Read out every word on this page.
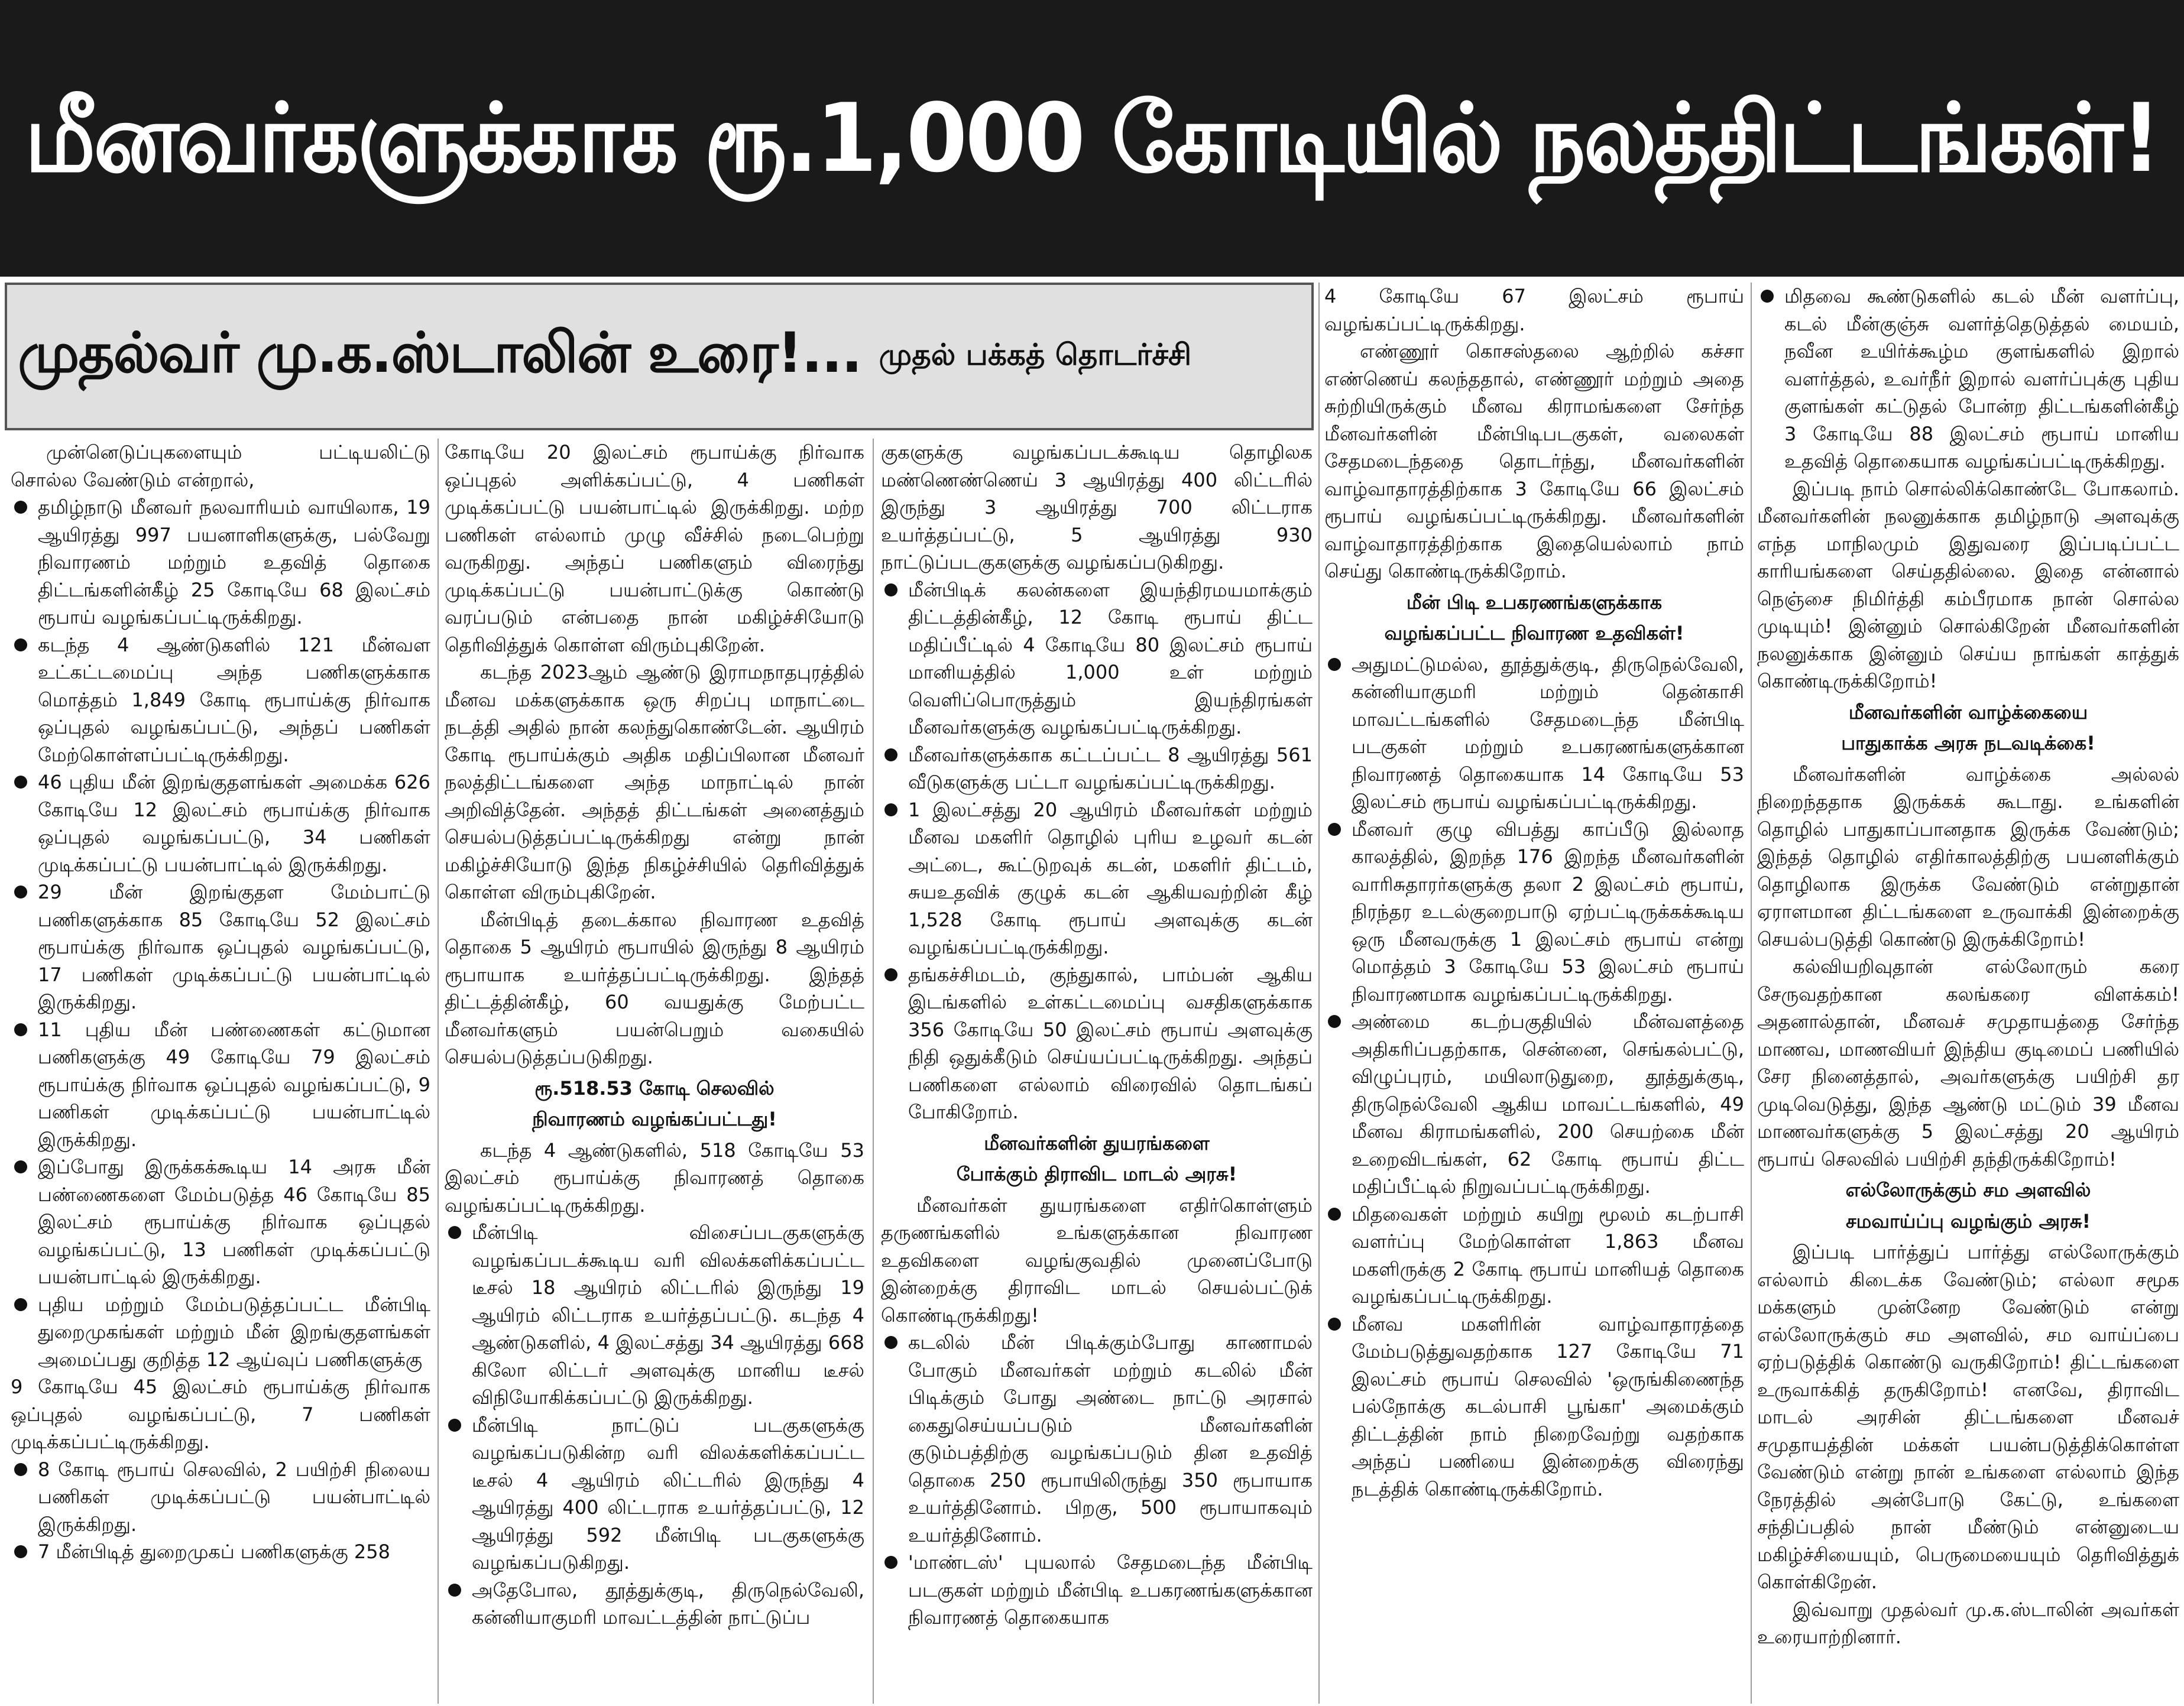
மீனவர்களுக்காக ரூ.1,000 கோடியில் நலத்திட்டங்கள்!
முதல்வர் மு.க.ஸ்டாலின் உரை!... முதல் பக்கத் தொடர்ச்சி

முன்னெடுப்புகளையும் பட்டியலிட்டு சொல்ல வேண்டும் என்றால்,

தமிழ்நாடு மீனவர் நலவாரியம் வாயிலாக, 19 ஆயிரத்து 997 பயனாளிகளுக்கு, பல்வேறு நிவாரணம் மற்றும் உதவித் தொகை திட்டங்களின்கீழ் 25 கோடியே 68 இலட்சம் ரூபாய் வழங்கப்பட்டிருக்கிறது.

கடந்த 4 ஆண்டுகளில் 121 மீன்வள உட்கட்டமைப்பு அந்த பணிகளுக்காக மொத்தம் 1,849 கோடி ரூபாய்க்கு நிர்வாக ஒப்புதல் வழங்கப்பட்டு, அந்தப் பணிகள் மேற்கொள்ளப்பட்டிருக்கிறது.

46 புதிய மீன் இறங்குதளங்கள் அமைக்க 626 கோடியே 12 இலட்சம் ரூபாய்க்கு நிர்வாக ஒப்புதல் வழங்கப்பட்டு, 34 பணிகள் முடிக்கப்பட்டு பயன்பாட்டில் இருக்கிறது.

29 மீன் இறங்குதள மேம்பாட்டு பணிகளுக்காக 85 கோடியே 52 இலட்சம் ரூபாய்க்கு நிர்வாக ஒப்புதல் வழங்கப்பட்டு, 17 பணிகள் முடிக்கப்பட்டு பயன்பாட்டில் இருக்கிறது.

11 புதிய மீன் பண்ணைகள் கட்டுமான பணிகளுக்கு 49 கோடியே 79 இலட்சம் ரூபாய்க்கு நிர்வாக ஒப்புதல் வழங்கப்பட்டு, 9 பணிகள் முடிக்கப்பட்டு பயன்பாட்டில் இருக்கிறது.

இப்போது இருக்கக்கூடிய 14 அரசு மீன் பண்ணைகளை மேம்படுத்த 46 கோடியே 85 இலட்சம் ரூபாய்க்கு நிர்வாக ஒப்புதல் வழங்கப்பட்டு, 13 பணிகள் முடிக்கப்பட்டு பயன்பாட்டில் இருக்கிறது.

புதிய மற்றும் மேம்படுத்தப்பட்ட மீன்பிடி துறைமுகங்கள் மற்றும் மீன் இறங்குதளங்கள் அமைப்பது குறித்த 12 ஆய்வுப் பணிகளுக்கு

9 கோடியே 45 இலட்சம் ரூபாய்க்கு நிர்வாக ஒப்புதல் வழங்கப்பட்டு, 7 பணிகள் முடிக்கப்பட்டிருக்கிறது.

8 கோடி ரூபாய் செலவில், 2 பயிற்சி நிலைய பணிகள் முடிக்கப்பட்டு பயன்பாட்டில் இருக்கிறது.

7 மீன்பிடித் துறைமுகப் பணிகளுக்கு 258

கோடியே 20 இலட்சம் ரூபாய்க்கு நிர்வாக ஒப்புதல் அளிக்கப்பட்டு, 4 பணிகள் முடிக்கப்பட்டு பயன்பாட்டில் இருக்கிறது. மற்ற பணிகள் எல்லாம் முழு வீச்சில் நடைபெற்று வருகிறது. அந்தப் பணிகளும் விரைந்து முடிக்கப்பட்டு பயன்பாட்டுக்கு கொண்டு வரப்படும் என்பதை நான் மகிழ்ச்சியோடு தெரிவித்துக் கொள்ள விரும்புகிறேன்.

கடந்த 2023ஆம் ஆண்டு இராமநாதபுரத்தில் மீனவ மக்களுக்காக ஒரு சிறப்பு மாநாட்டை நடத்தி அதில் நான் கலந்துகொண்டேன். ஆயிரம் கோடி ரூபாய்க்கும் அதிக மதிப்பிலான மீனவர் நலத்திட்டங்களை அந்த மாநாட்டில் நான் அறிவித்தேன். அந்தத் திட்டங்கள் அனைத்தும் செயல்படுத்தப்பட்டிருக்கிறது என்று நான் மகிழ்ச்சியோடு இந்த நிகழ்ச்சியில் தெரிவித்துக் கொள்ள விரும்புகிறேன்.

மீன்பிடித் தடைக்கால நிவாரண உதவித் தொகை 5 ஆயிரம் ரூபாயில் இருந்து 8 ஆயிரம் ரூபாயாக உயர்த்தப்பட்டிருக்கிறது. இந்தத் திட்டத்தின்கீழ், 60 வயதுக்கு மேற்பட்ட மீனவர்களும் பயன்பெறும் வகையில் செயல்படுத்தப்படுகிறது.

ரூ.518.53 கோடி செலவில்

நிவாரணம் வழங்கப்பட்டது!

கடந்த 4 ஆண்டுகளில், 518 கோடியே 53 இலட்சம் ரூபாய்க்கு நிவாரணத் தொகை வழங்கப்பட்டிருக்கிறது.

மீன்பிடி விசைப்படகுகளுக்கு வழங்கப்படக்கூடிய வரி விலக்களிக்கப்பட்ட டீசல் 18 ஆயிரம் லிட்டரில் இருந்து 19 ஆயிரம் லிட்டராக உயர்த்தப்பட்டு. கடந்த 4 ஆண்டுகளில், 4 இலட்சத்து 34 ஆயிரத்து 668 கிலோ லிட்டர் அளவுக்கு மானிய டீசல் விநியோகிக்கப்பட்டு இருக்கிறது.

மீன்பிடி நாட்டுப் படகுகளுக்கு வழங்கப்படுகின்ற வரி விலக்களிக்கப்பட்ட டீசல் 4 ஆயிரம் லிட்டரில் இருந்து 4 ஆயிரத்து 400 லிட்டராக உயர்த்தப்பட்டு, 12 ஆயிரத்து 592 மீன்பிடி படகுகளுக்கு வழங்கப்படுகிறது.

அதேபோல, தூத்துக்குடி, திருநெல்வேலி, கன்னியாகுமரி மாவட்டத்தின் நாட்டுப்ப

குகளுக்கு வழங்கப்படக்கூடிய தொழிலக மண்ணெண்ணெய் 3 ஆயிரத்து 400 லிட்டரில் இருந்து 3 ஆயிரத்து 700 லிட்டராக உயர்த்தப்பட்டு, 5 ஆயிரத்து 930 நாட்டுப்படகுகளுக்கு வழங்கப்படுகிறது.

மீன்பிடிக் கலன்களை இயந்திரமயமாக்கும் திட்டத்தின்கீழ், 12 கோடி ரூபாய் திட்ட மதிப்பீட்டில் 4 கோடியே 80 இலட்சம் ரூபாய் மானியத்தில் 1,000 உள் மற்றும் வெளிப்பொருத்தும் இயந்திரங்கள் மீனவர்களுக்கு வழங்கப்பட்டிருக்கிறது.

மீனவர்களுக்காக கட்டப்பட்ட 8 ஆயிரத்து 561 வீடுகளுக்கு பட்டா வழங்கப்பட்டிருக்கிறது.

1 இலட்சத்து 20 ஆயிரம் மீனவர்கள் மற்றும் மீனவ மகளிர் தொழில் புரிய உழவர் கடன் அட்டை, கூட்டுறவுக் கடன், மகளிர் திட்டம், சுயஉதவிக் குழுக் கடன் ஆகியவற்றின் கீழ் 1,528 கோடி ரூபாய் அளவுக்கு கடன் வழங்கப்பட்டிருக்கிறது.

தங்கச்சிமடம், குந்துகால், பாம்பன் ஆகிய இடங்களில் உள்கட்டமைப்பு வசதிகளுக்காக 356 கோடியே 50 இலட்சம் ரூபாய் அளவுக்கு நிதி ஒதுக்கீடும் செய்யப்பட்டிருக்கிறது. அந்தப் பணிகளை எல்லாம் விரைவில் தொடங்கப் போகிறோம்.

மீனவர்களின் துயரங்களை

போக்கும் திராவிட மாடல் அரசு!

மீனவர்கள் துயரங்களை எதிர்கொள்ளும் தருணங்களில் உங்களுக்கான நிவாரண உதவிகளை வழங்குவதில் முனைப்போடு இன்றைக்கு திராவிட மாடல் செயல்பட்டுக் கொண்டிருக்கிறது!

கடலில் மீன் பிடிக்கும்போது காணாமல் போகும் மீனவர்கள் மற்றும் கடலில் மீன் பிடிக்கும் போது அண்டை நாட்டு அரசால் கைதுசெய்யப்படும் மீனவர்களின் குடும்பத்திற்கு வழங்கப்படும் தின உதவித் தொகை 250 ரூபாயிலிருந்து 350 ரூபாயாக உயர்த்தினோம். பிறகு, 500 ரூபாயாகவும் உயர்த்தினோம்.

'மாண்டஸ்' புயலால் சேதமடைந்த மீன்பிடி படகுகள் மற்றும் மீன்பிடி உபகரணங்களுக்கான நிவாரணத் தொகையாக

4 கோடியே 67 இலட்சம் ரூபாய் வழங்கப்பட்டிருக்கிறது.

எண்ணூர் கொசஸ்தலை ஆற்றில் கச்சா எண்ணெய் கலந்ததால், எண்ணூர் மற்றும் அதை சுற்றியிருக்கும் மீனவ கிராமங்களை சேர்ந்த மீனவர்களின் மீன்பிடிபடகுகள், வலைகள் சேதமடைந்ததை தொடர்ந்து, மீனவர்களின் வாழ்வாதாரத்திற்காக 3 கோடியே 66 இலட்சம் ரூபாய் வழங்கப்பட்டிருக்கிறது. மீனவர்களின் வாழ்வாதாரத்திற்காக இதையெல்லாம் நாம் செய்து கொண்டிருக்கிறோம்.

மீன் பிடி உபகரணங்களுக்காக

வழங்கப்பட்ட நிவாரண உதவிகள்!

அதுமட்டுமல்ல, தூத்துக்குடி, திருநெல்வேலி, கன்னியாகுமரி மற்றும் தென்காசி மாவட்டங்களில் சேதமடைந்த மீன்பிடி படகுகள் மற்றும் உபகரணங்களுக்கான நிவாரணத் தொகையாக 14 கோடியே 53 இலட்சம் ரூபாய் வழங்கப்பட்டிருக்கிறது.

மீனவர் குழு விபத்து காப்பீடு இல்லாத காலத்தில், இறந்த 176 இறந்த மீனவர்களின் வாரிசுதாரர்களுக்கு தலா 2 இலட்சம் ரூபாய், நிரந்தர உடல்குறைபாடு ஏற்பட்டிருக்கக்கூடிய ஒரு மீனவருக்கு 1 இலட்சம் ரூபாய் என்று மொத்தம் 3 கோடியே 53 இலட்சம் ரூபாய் நிவாரணமாக வழங்கப்பட்டிருக்கிறது.

அண்மை கடற்பகுதியில் மீன்வளத்தை அதிகரிப்பதற்காக, சென்னை, செங்கல்பட்டு, விழுப்புரம், மயிலாடுதுறை, தூத்துக்குடி, திருநெல்வேலி ஆகிய மாவட்டங்களில், 49 மீனவ கிராமங்களில், 200 செயற்கை மீன் உறைவிடங்கள், 62 கோடி ரூபாய் திட்ட மதிப்பீட்டில் நிறுவப்பட்டிருக்கிறது.

மிதவைகள் மற்றும் கயிறு மூலம் கடற்பாசி வளர்ப்பு மேற்கொள்ள 1,863 மீனவ மகளிருக்கு 2 கோடி ரூபாய் மானியத் தொகை வழங்கப்பட்டிருக்கிறது.

மீனவ மகளிரின் வாழ்வாதாரத்தை மேம்படுத்துவதற்காக 127 கோடியே 71 இலட்சம் ரூபாய் செலவில் 'ஒருங்கிணைந்த பல்நோக்கு கடல்பாசி பூங்கா' அமைக்கும் திட்டத்தின் நாம் நிறைவேற்று வதற்காக அந்தப் பணியை இன்றைக்கு விரைந்து நடத்திக் கொண்டிருக்கிறோம்.

மிதவை கூண்டுகளில் கடல் மீன் வளர்ப்பு, கடல் மீன்குஞ்சு வளர்த்தெடுத்தல் மையம், நவீன உயிர்க்கூழ்ம குளங்களில் இறால் வளர்த்தல், உவர்நீர் இறால் வளர்ப்புக்கு புதிய குளங்கள் கட்டுதல் போன்ற திட்டங்களின்கீழ் 3 கோடியே 88 இலட்சம் ரூபாய் மானிய உதவித் தொகையாக வழங்கப்பட்டிருக்கிறது.

இப்படி நாம் சொல்லிக்கொண்டே போகலாம். மீனவர்களின் நலனுக்காக தமிழ்நாடு அளவுக்கு எந்த மாநிலமும் இதுவரை இப்படிப்பட்ட காரியங்களை செய்ததில்லை. இதை என்னால் நெஞ்சை நிமிர்த்தி கம்பீரமாக நான் சொல்ல முடியும்! இன்னும் சொல்கிறேன் மீனவர்களின் நலனுக்காக இன்னும் செய்ய நாங்கள் காத்துக் கொண்டிருக்கிறோம்!

மீனவர்களின் வாழ்க்கையை

பாதுகாக்க அரசு நடவடிக்கை!

மீனவர்களின் வாழ்க்கை அல்லல் நிறைந்ததாக இருக்கக் கூடாது. உங்களின் தொழில் பாதுகாப்பானதாக இருக்க வேண்டும்; இந்தத் தொழில் எதிர்காலத்திற்கு பயனளிக்கும் தொழிலாக இருக்க வேண்டும் என்றுதான் ஏராளமான திட்டங்களை உருவாக்கி இன்றைக்கு செயல்படுத்தி கொண்டு இருக்கிறோம்!

கல்வியறிவுதான் எல்லோரும் கரை சேருவதற்கான கலங்கரை விளக்கம்! அதனால்தான், மீனவச் சமுதாயத்தை சேர்ந்த மாணவ, மாணவியர் இந்திய குடிமைப் பணியில் சேர நினைத்தால், அவர்களுக்கு பயிற்சி தர முடிவெடுத்து, இந்த ஆண்டு மட்டும் 39 மீனவ மாணவர்களுக்கு 5 இலட்சத்து 20 ஆயிரம் ரூபாய் செலவில் பயிற்சி தந்திருக்கிறோம்!

எல்லோருக்கும் சம அளவில்

சமவாய்ப்பு வழங்கும் அரசு!

இப்படி பார்த்துப் பார்த்து எல்லோருக்கும் எல்லாம் கிடைக்க வேண்டும்; எல்லா சமூக மக்களும் முன்னேற வேண்டும் என்று எல்லோருக்கும் சம அளவில், சம வாய்ப்பை ஏற்படுத்திக் கொண்டு வருகிறோம்! திட்டங்களை உருவாக்கித் தருகிறோம்! எனவே, திராவிட மாடல் அரசின் திட்டங்களை மீனவச் சமுதாயத்தின் மக்கள் பயன்படுத்திக்கொள்ள வேண்டும் என்று நான் உங்களை எல்லாம் இந்த நேரத்தில் அன்போடு கேட்டு, உங்களை சந்திப்பதில் நான் மீண்டும் என்னுடைய மகிழ்ச்சியையும், பெருமையையும் தெரிவித்துக் கொள்கிறேன்.

இவ்வாறு முதல்வர் மு.க.ஸ்டாலின் அவர்கள் உரையாற்றினார்.
